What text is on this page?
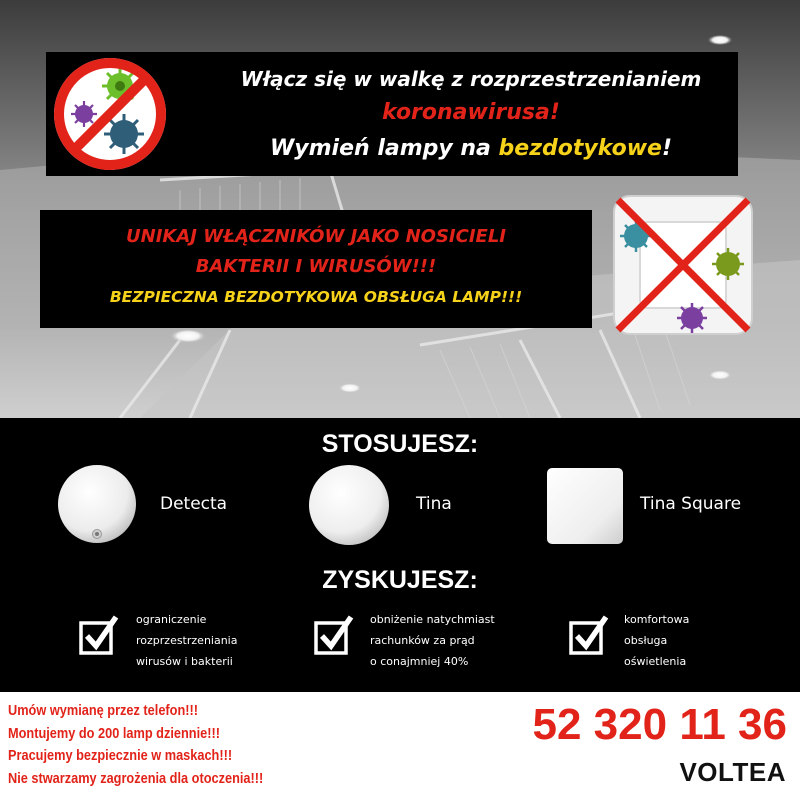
Włącz się w walkę z rozprzestrzenianiem
koronawirusa!
Wymień lampy na bezdotykowe!
UNIKAJ WŁĄCZNIKÓW JAKO NOSICIELI
BAKTERII I WIRUSÓW!!!
BEZPIECZNA BEZDOTYKOWA OBSŁUGA LAMP!!!
STOSUJESZ:
Detecta	Tina	Tina Square
ZYSKUJESZ:
ograniczenie
rozprzestrzeniania
wirusów i bakterii
obniżenie natychmiast
rachunków za prąd
o conajmniej 40%
komfortowa
obsługa
oświetlenia
Umów wymianę przez telefon!!!
Montujemy do 200 lamp dziennie!!!
Pracujemy bezpiecznie w maskach!!!
Nie stwarzamy zagrożenia dla otoczenia!!!
52 320 11 36
VOLTEA
